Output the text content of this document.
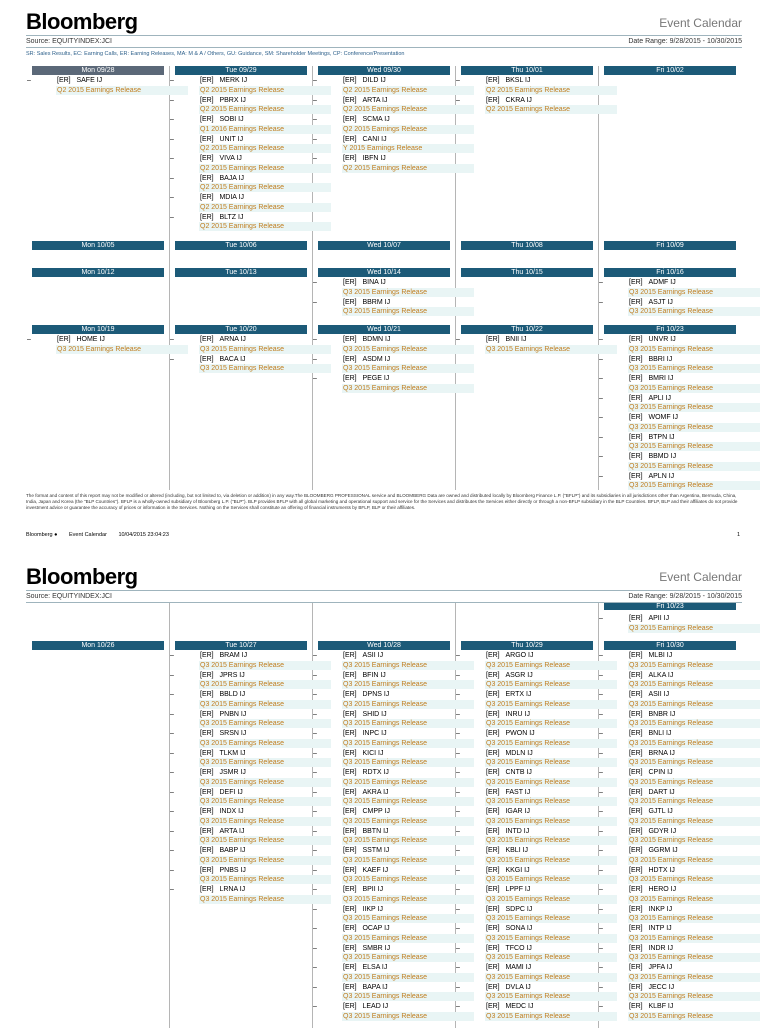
Bloomberg	Event Calendar
Source: EQUITYINDEX:JCI	Date Range: 9/28/2015 - 10/30/2015
SR: Sales Results, EC: Earning Calls, ER: Earning Releases, MA: M & A / Others, GU: Guidance, SM: Shareholder Meetings, CP: Conference/Presentation
Mon 09/28
–	[ER] SAFE IJ
Q2 2015 Earnings Release
Tue 09/29
–	[ER] MERK IJ
Q2 2015 Earnings Release
–	[ER] PBRX IJ
Q2 2015 Earnings Release
–	[ER] SOBI IJ
Q1 2016 Earnings Release
–	[ER] UNIT IJ
Q2 2015 Earnings Release
–	[ER] VIVA IJ
Q2 2015 Earnings Release
–	[ER] BAJA IJ
Q2 2015 Earnings Release
–	[ER] MDIA IJ
Q2 2015 Earnings Release
–	[ER] BLTZ IJ
Q2 2015 Earnings Release
Wed 09/30
–	[ER] DILD IJ
Q2 2015 Earnings Release
–	[ER] ARTA IJ
Q2 2015 Earnings Release
–	[ER] SCMA IJ
Q2 2015 Earnings Release
–	[ER] CANI IJ
Y 2015 Earnings Release
–	[ER] IBFN IJ
Q2 2015 Earnings Release
Thu 10/01
–	[ER] BKSL IJ
Q2 2015 Earnings Release
–	[ER] CKRA IJ
Q2 2015 Earnings Release
Fri 10/02
Mon 10/05	Tue 10/06	Wed 10/07	Thu 10/08	Fri 10/09
Mon 10/12	Tue 10/13	Wed 10/14
–	[ER] BINA IJ
Q3 2015 Earnings Release
–	[ER] BBRM IJ
Q3 2015 Earnings Release
Thu 10/15	Fri 10/16
–	[ER] ADMF IJ
Q3 2015 Earnings Release
–	[ER] ASJT IJ
Q3 2015 Earnings Release
Mon 10/19
–	[ER] HOME IJ
Q3 2015 Earnings Release
Tue 10/20
–	[ER] ARNA IJ
Q3 2015 Earnings Release
–	[ER] BACA IJ
Q3 2015 Earnings Release
Wed 10/21
–	[ER] BDMN IJ
Q3 2015 Earnings Release
–	[ER] ASDM IJ
Q3 2015 Earnings Release
–	[ER] PEGE IJ
Q3 2015 Earnings Release
Thu 10/22
–	[ER] BNII IJ
Q3 2015 Earnings Release
Fri 10/23
–	[ER] UNVR IJ
Q3 2015 Earnings Release
–	[ER] BBRI IJ
Q3 2015 Earnings Release
–	[ER] BMRI IJ
Q3 2015 Earnings Release
–	[ER] APLI IJ
Q3 2015 Earnings Release
–	[ER] WOMF IJ
Q3 2015 Earnings Release
–	[ER] BTPN IJ
Q3 2015 Earnings Release
–	[ER] BBMD IJ
Q3 2015 Earnings Release
–	[ER] APLN IJ
Q3 2015 Earnings Release
The format and content of this report may not be modified or altered (including, but not limited to, via deletion or addition) in any way.The BLOOMBERG PROFESSIONAL service and BLOOMBERG Data are owned and distributed locally by Bloomberg Finance L.P. ("BFLP") and its subsidiaries in all jurisdictions other than Argentina, Bermuda, China, India, Japan and Korea (the "BLP Countries"). BFLP is a wholly-owned subsidiary of Bloomberg L.P. ("BLP"). BLP provides BFLP with all global marketing and operational support and service for the Services and distributes the Services either directly or through a non-BFLP subsidiary in the BLP Countries. BFLP, BLP and their affiliates do not provide investment advice or guarantee the accuracy of prices or information in the Services. Nothing on the Services shall constitute an offering of financial instruments by BFLP, BLP or their affiliates.
Bloomberg ● Event Calendar 10/04/2015 23:04:23	1
Bloomberg	Event Calendar
Source: EQUITYINDEX:JCI	Date Range: 9/28/2015 - 10/30/2015
Fri 10/23
–	[ER] APII IJ
Q3 2015 Earnings Release
Mon 10/26	Tue 10/27
–	[ER] BRAM IJ
Q3 2015 Earnings Release
–	[ER] JPRS IJ
Q3 2015 Earnings Release
–	[ER] BBLD IJ
Q3 2015 Earnings Release
–	[ER] PNBN IJ
Q3 2015 Earnings Release
–	[ER] SRSN IJ
Q3 2015 Earnings Release
–	[ER] TLKM IJ
Q3 2015 Earnings Release
–	[ER] JSMR IJ
Q3 2015 Earnings Release
–	[ER] DEFI IJ
Q3 2015 Earnings Release
–	[ER] INDX IJ
Q3 2015 Earnings Release
–	[ER] ARTA IJ
Q3 2015 Earnings Release
–	[ER] BABP IJ
Q3 2015 Earnings Release
–	[ER] PNBS IJ
Q3 2015 Earnings Release
–	[ER] LRNA IJ
Q3 2015 Earnings Release
Wed 10/28
–	[ER] ASII IJ
Q3 2015 Earnings Release
–	[ER] BFIN IJ
Q3 2015 Earnings Release
–	[ER] DPNS IJ
Q3 2015 Earnings Release
–	[ER] SHID IJ
Q3 2015 Earnings Release
–	[ER] INPC IJ
Q3 2015 Earnings Release
–	[ER] KICI IJ
Q3 2015 Earnings Release
–	[ER] RDTX IJ
Q3 2015 Earnings Release
–	[ER] AKRA IJ
Q3 2015 Earnings Release
–	[ER] CMPP IJ
Q3 2015 Earnings Release
–	[ER] BBTN IJ
Q3 2015 Earnings Release
–	[ER] SSTM IJ
Q3 2015 Earnings Release
–	[ER] KAEF IJ
Q3 2015 Earnings Release
–	[ER] BPII IJ
Q3 2015 Earnings Release
–	[ER] IIKP IJ
Q3 2015 Earnings Release
–	[ER] OCAP IJ
Q3 2015 Earnings Release
–	[ER] SMBR IJ
Q3 2015 Earnings Release
–	[ER] ELSA IJ
Q3 2015 Earnings Release
–	[ER] BAPA IJ
Q3 2015 Earnings Release
–	[ER] LEAD IJ
Q3 2015 Earnings Release
Thu 10/29
–	[ER] ARGO IJ
Q3 2015 Earnings Release
–	[ER] ASGR IJ
Q3 2015 Earnings Release
–	[ER] ERTX IJ
Q3 2015 Earnings Release
–	[ER] INRU IJ
Q3 2015 Earnings Release
–	[ER] PWON IJ
Q3 2015 Earnings Release
–	[ER] MDLN IJ
Q3 2015 Earnings Release
–	[ER] CNTB IJ
Q3 2015 Earnings Release
–	[ER] FAST IJ
Q3 2015 Earnings Release
–	[ER] IGAR IJ
Q3 2015 Earnings Release
–	[ER] INTD IJ
Q3 2015 Earnings Release
–	[ER] KBLI IJ
Q3 2015 Earnings Release
–	[ER] KKGI IJ
Q3 2015 Earnings Release
–	[ER] LPPF IJ
Q3 2015 Earnings Release
–	[ER] SDPC IJ
Q3 2015 Earnings Release
–	[ER] SONA IJ
Q3 2015 Earnings Release
–	[ER] TFCO IJ
Q3 2015 Earnings Release
–	[ER] MAMI IJ
Q3 2015 Earnings Release
–	[ER] DVLA IJ
Q3 2015 Earnings Release
–	[ER] MEDC IJ
Q3 2015 Earnings Release
Fri 10/30
–	[ER] MLBI IJ
Q3 2015 Earnings Release
–	[ER] ALKA IJ
Q3 2015 Earnings Release
–	[ER] ASII IJ
Q3 2015 Earnings Release
–	[ER] BNBR IJ
Q3 2015 Earnings Release
–	[ER] BNLI IJ
Q3 2015 Earnings Release
–	[ER] BRNA IJ
Q3 2015 Earnings Release
–	[ER] CPIN IJ
Q3 2015 Earnings Release
–	[ER] DART IJ
Q3 2015 Earnings Release
–	[ER] GJTL IJ
Q3 2015 Earnings Release
–	[ER] GDYR IJ
Q3 2015 Earnings Release
–	[ER] GGRM IJ
Q3 2015 Earnings Release
–	[ER] HDTX IJ
Q3 2015 Earnings Release
–	[ER] HERO IJ
Q3 2015 Earnings Release
–	[ER] INKP IJ
Q3 2015 Earnings Release
–	[ER] INTP IJ
Q3 2015 Earnings Release
–	[ER] INDR IJ
Q3 2015 Earnings Release
–	[ER] JPFA IJ
Q3 2015 Earnings Release
–	[ER] JECC IJ
Q3 2015 Earnings Release
–	[ER] KLBF IJ
Q3 2015 Earnings Release
